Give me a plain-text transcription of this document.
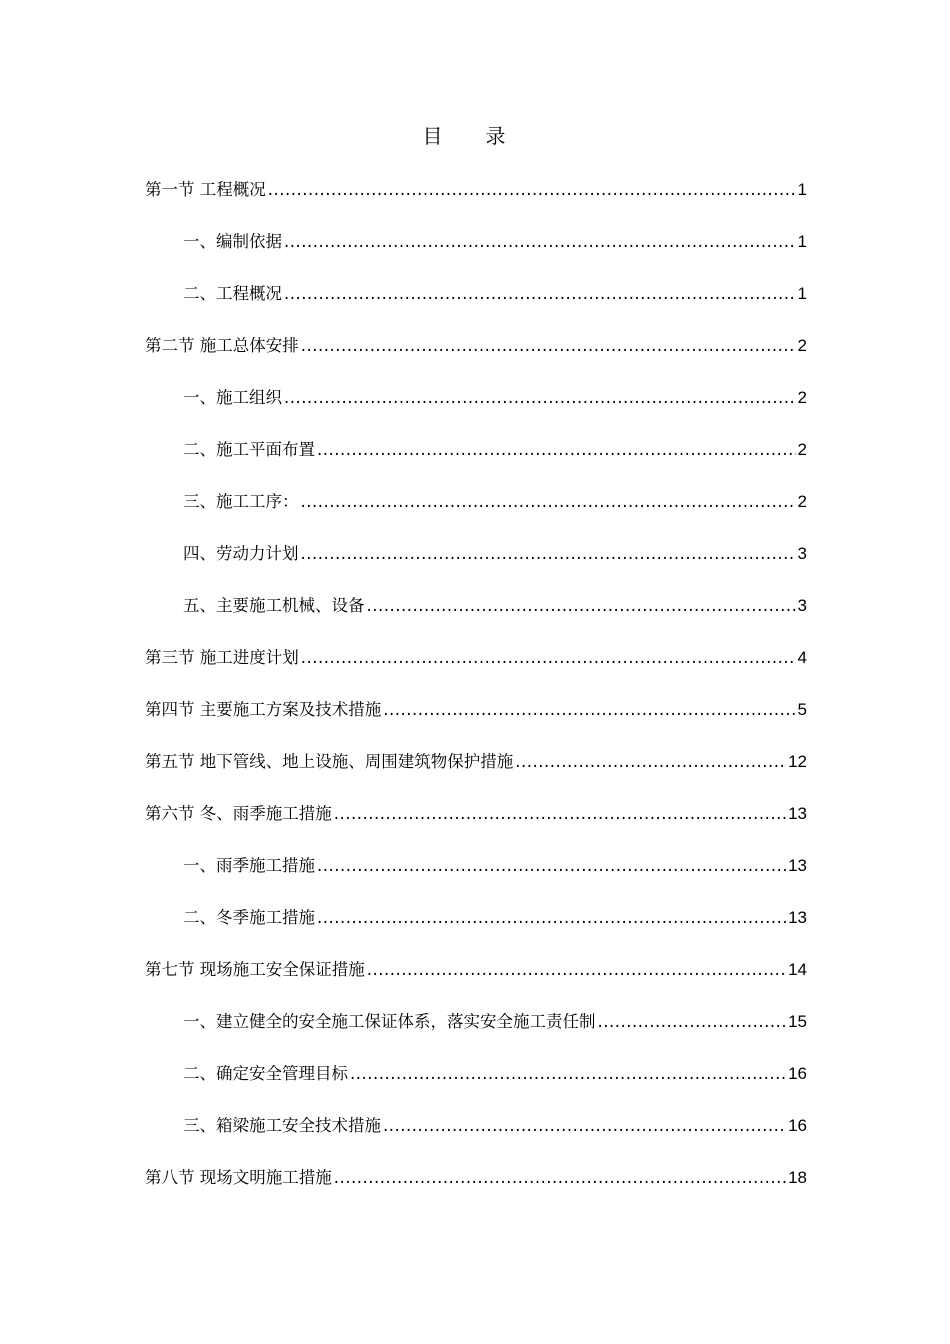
目  录 
第一节 工程概况 .....	1
一、编制依据 .....	1
二、工程概况 .....	1
第二节 施工总体安排 .....	2
一、施工组织 .....	2
二、施工平面布置 .....	2
三、施工工序： .....	2
四、劳动力计划 .....	3
五、主要施工机械、设备 .....	3
第三节 施工进度计划 .....	4
第四节 主要施工方案及技术措施 .....	5
第五节 地下管线、地上设施、周围建筑物保护措施 .....	12
第六节 冬、雨季施工措施 .....	13
一、雨季施工措施 .....	13
二、冬季施工措施 .....	13
第七节 现场施工安全保证措施 .....	14
一、建立健全的安全施工保证体系，落实安全施工责任制 .....	15
二、确定安全管理目标 .....	16
三、箱梁施工安全技术措施 .....	16
第八节 现场文明施工措施 .....	18
